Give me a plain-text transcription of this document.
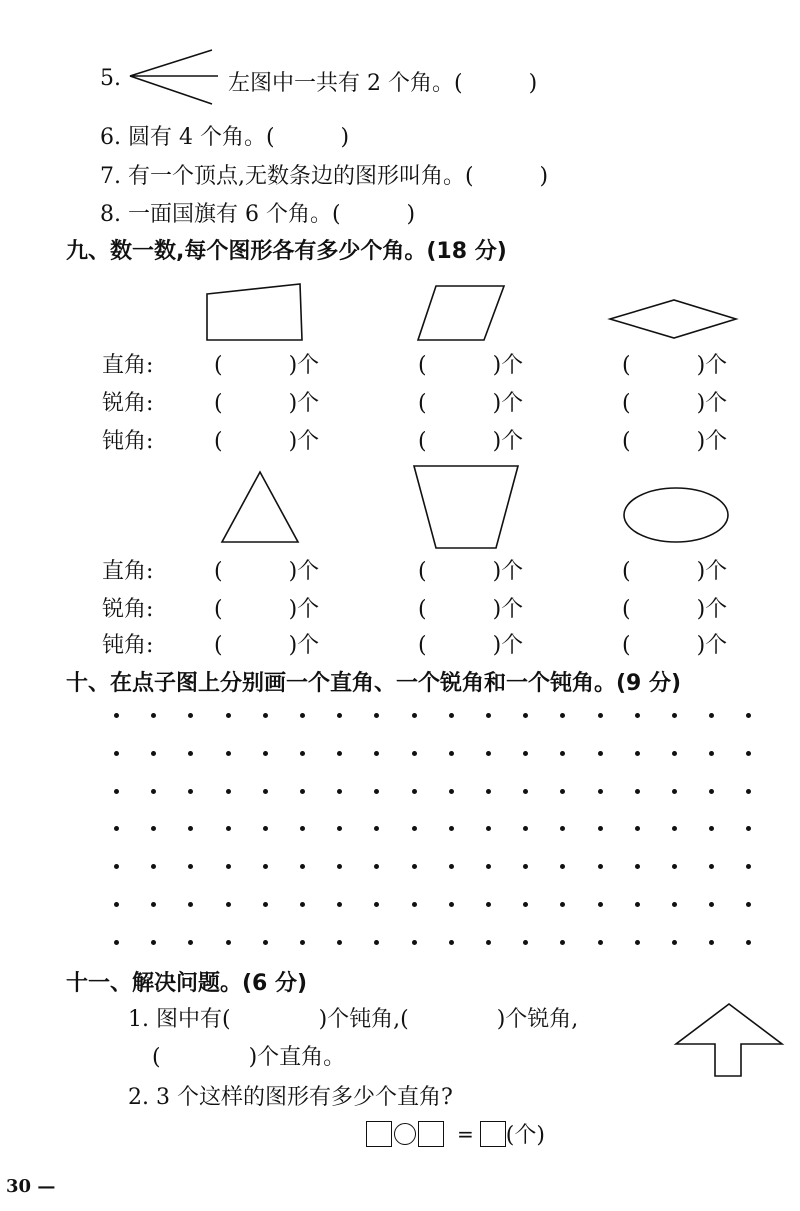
5.	左图中一共有 2 个角。(　　　)
6. 圆有 4 个角。(　　　)
7. 有一个顶点,无数条边的图形叫角。(　　　)
8. 一面国旗有 6 个角。(　　　)
九、数一数,每个图形各有多少个角。(18 分)
直角:
锐角:
钝角:
(　　　)个
(　　　)个
(　　　)个
(　　　)个
(　　　)个
(　　　)个
(　　　)个
(　　　)个
(　　　)个
直角:
锐角:
钝角:
(　　　)个
(　　　)个
(　　　)个
(　　　)个
(　　　)个
(　　　)个
(　　　)个
(　　　)个
(　　　)个
十、在点子图上分别画一个直角、一个锐角和一个钝角。(9 分)
十一、解决问题。(6 分)
1. 图中有(　　　　)个钝角,(　　　　)个锐角,
(　　　　)个直角。
2. 3 个这样的图形有多少个直角?
= (个)
30 —
